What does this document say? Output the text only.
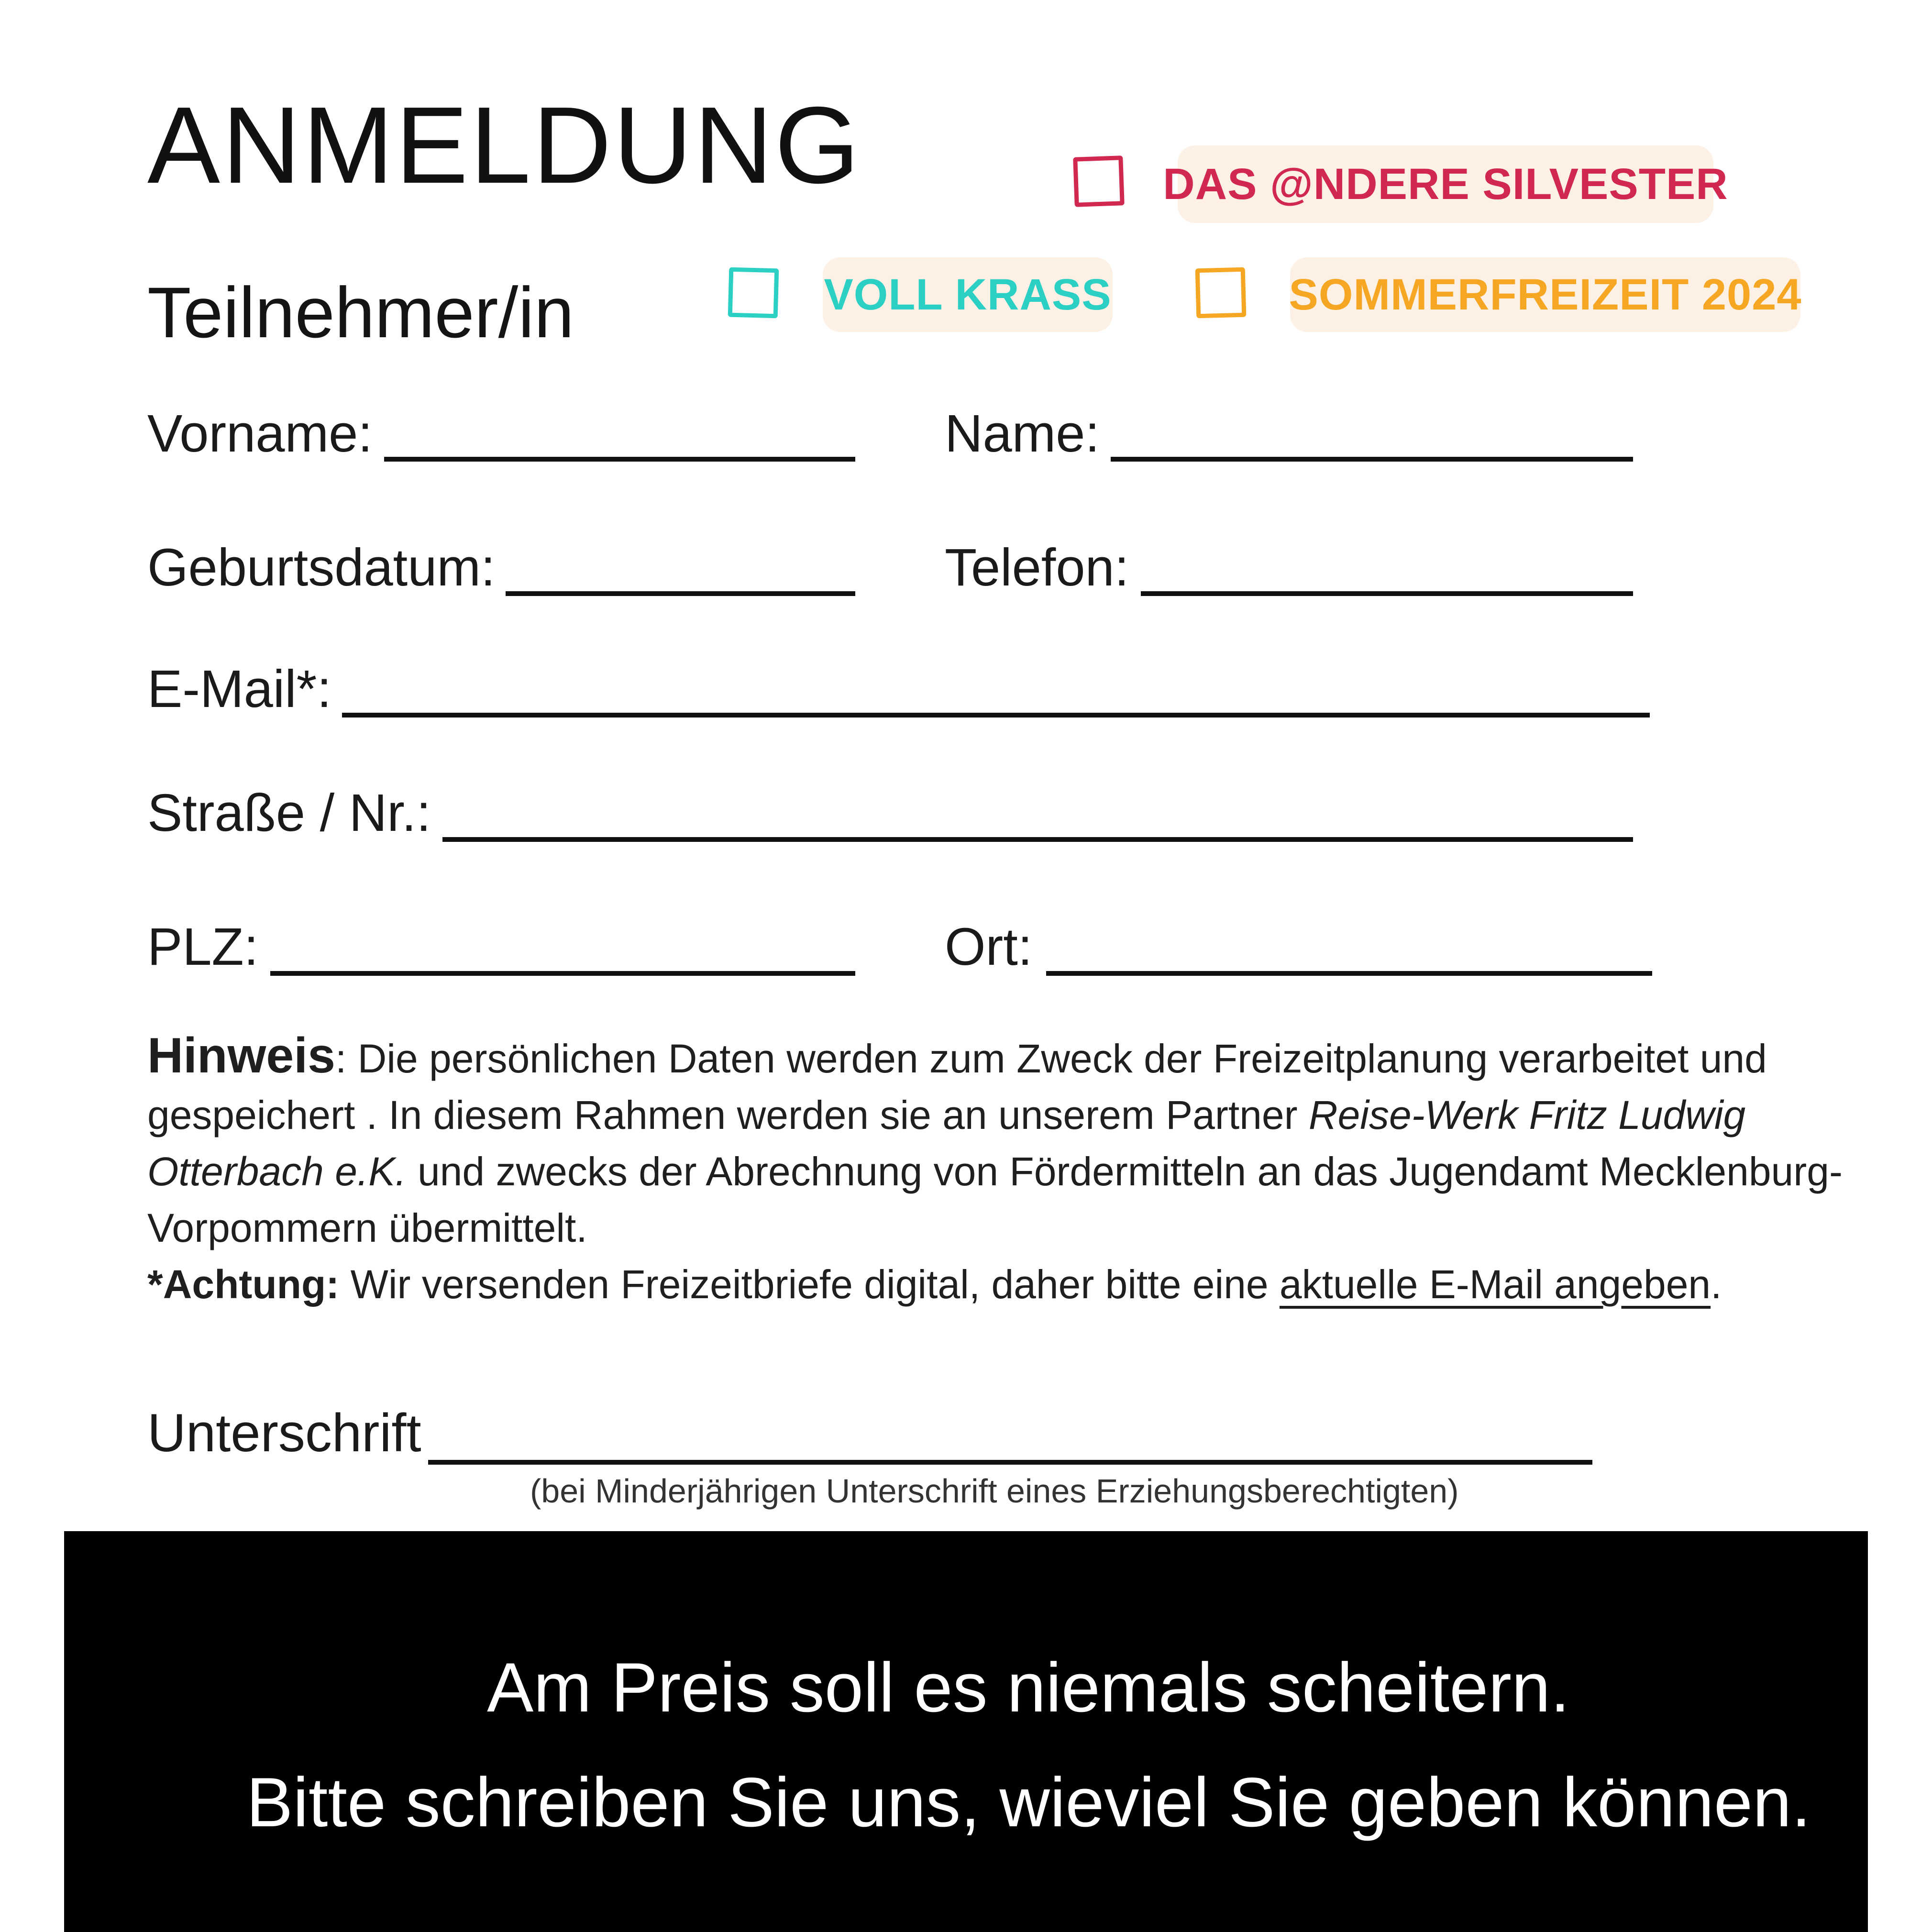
ANMELDUNG
Teilnehmer/in
DAS @NDERE SILVESTER
VOLL KRASS	SOMMERFREIZEIT 2024
Vorname:	Name:
Geburtsdatum:	Telefon:
E-Mail*:
Straße / Nr.:
PLZ:	Ort:
Hinweis: Die persönlichen Daten werden zum Zweck der Freizeitplanung verarbeitet und gespeichert . In diesem Rahmen werden sie an unserem Partner Reise-Werk Fritz Ludwig Otterbach e.K. und zwecks der Abrechnung von Fördermitteln an das Jugendamt Mecklenburg-Vorpommern übermittelt.
*Achtung: Wir versenden Freizeitbriefe digital, daher bitte eine aktuelle E-Mail angeben.
Unterschrift
(bei Minderjährigen Unterschrift eines Erziehungsberechtigten)
Am Preis soll es niemals scheitern.
Bitte schreiben Sie uns, wieviel Sie geben können.
